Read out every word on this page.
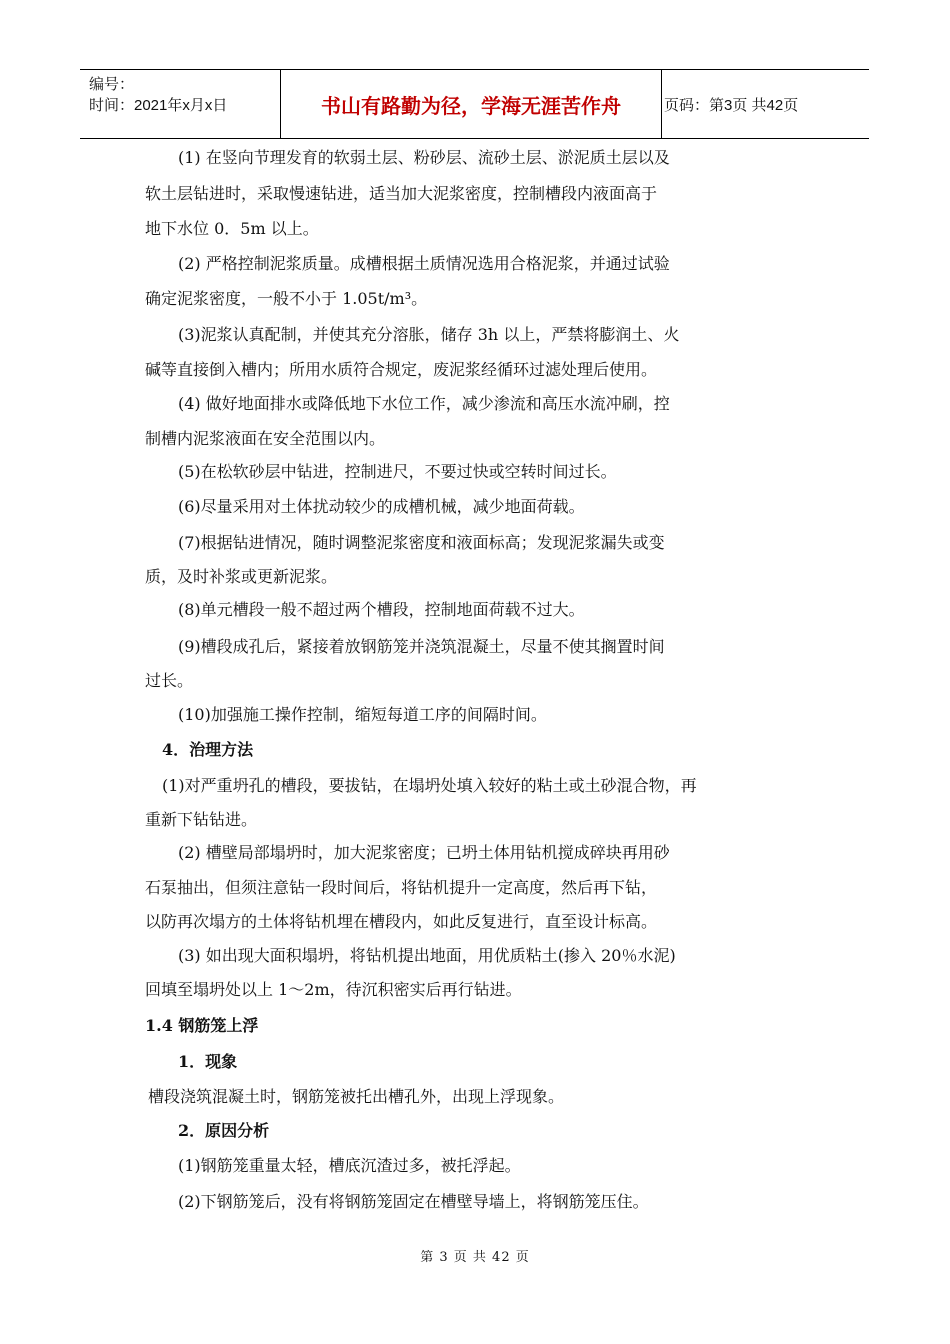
编号：
时间：2021年x月x日	书山有路勤为径，学海无涯苦作舟	页码：第3页 共42页
(1) 在竖向节理发育的软弱土层、粉砂层、流砂土层、淤泥质土层以及
软土层钻进时，采取慢速钻进，适当加大泥浆密度，控制槽段内液面高于
地下水位 0．5m 以上。
(2) 严格控制泥浆质量。成槽根据土质情况选用合格泥浆，并通过试验
确定泥浆密度，一般不小于 1.05t/m³。
(3)泥浆认真配制，并使其充分溶胀，储存 3h 以上，严禁将膨润土、火
碱等直接倒入槽内；所用水质符合规定，废泥浆经循环过滤处理后使用。
(4) 做好地面排水或降低地下水位工作，减少渗流和高压水流冲刷，控
制槽内泥浆液面在安全范围以内。
(5)在松软砂层中钻进，控制进尺，不要过快或空转时间过长。
(6)尽量采用对土体扰动较少的成槽机械，减少地面荷载。
(7)根据钻进情况，随时调整泥浆密度和液面标高；发现泥浆漏失或变
质，及时补浆或更新泥浆。
(8)单元槽段一般不超过两个槽段，控制地面荷载不过大。
(9)槽段成孔后，紧接着放钢筋笼并浇筑混凝土，尽量不使其搁置时间
过长。
(10)加强施工操作控制，缩短每道工序的间隔时间。
4．治理方法
(1)对严重坍孔的槽段，要拔钻，在塌坍处填入较好的粘土或土砂混合物，再
重新下钻钻进。
(2) 槽壁局部塌坍时，加大泥浆密度；已坍土体用钻机搅成碎块再用砂
石泵抽出，但须注意钻一段时间后，将钻机提升一定高度，然后再下钻，
以防再次塌方的土体将钻机埋在槽段内，如此反复进行，直至设计标高。
(3) 如出现大面积塌坍，将钻机提出地面，用优质粘土(掺入 20％水泥)
回填至塌坍处以上 1～2m，待沉积密实后再行钻进。
1.4 钢筋笼上浮
1．现象
槽段浇筑混凝土时，钢筋笼被托出槽孔外，出现上浮现象。
2．原因分析
(1)钢筋笼重量太轻，槽底沉渣过多，被托浮起。
(2)下钢筋笼后，没有将钢筋笼固定在槽壁导墙上，将钢筋笼压住。
第 3 页 共 42 页
